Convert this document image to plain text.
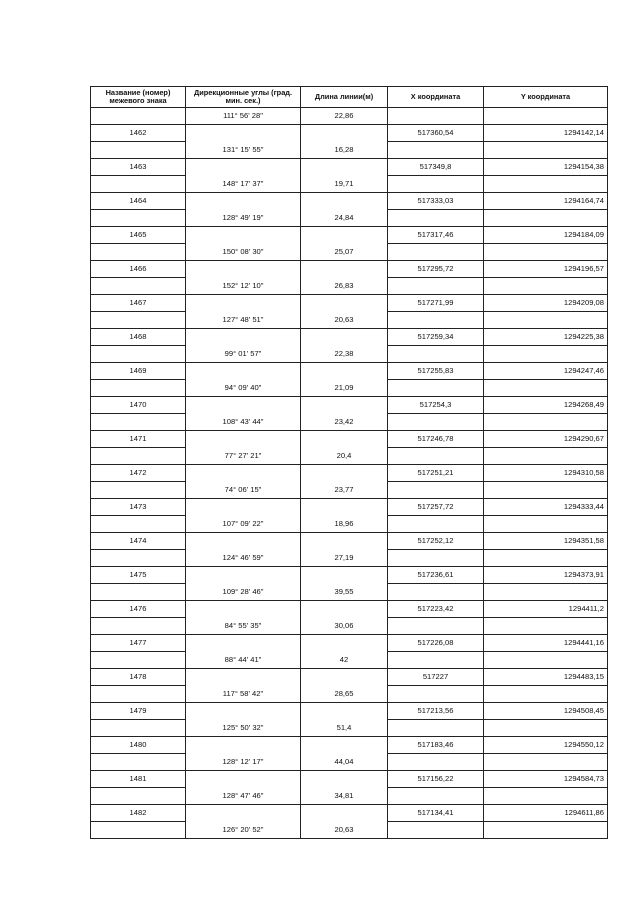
Название (номер) межевого знака	Дирекционные углы (град. мин. сек.)	Длина линии(м)	Х координата	Y координата
	111° 56' 28"	22,86		
1462			517360,54	1294142,14
	131° 15' 55"	16,28		
1463			517349,8	1294154,38
	148° 17' 37"	19,71		
1464			517333,03	1294164,74
	128° 49' 19"	24,84		
1465			517317,46	1294184,09
	150° 08' 30"	25,07		
1466			517295,72	1294196,57
	152° 12' 10"	26,83		
1467			517271,99	1294209,08
	127° 48' 51"	20,63		
1468			517259,34	1294225,38
	99° 01' 57"	22,38		
1469			517255,83	1294247,46
	94° 09' 40"	21,09		
1470			517254,3	1294268,49
	108° 43' 44"	23,42		
1471			517246,78	1294290,67
	77° 27' 21"	20,4		
1472			517251,21	1294310,58
	74° 06' 15"	23,77		
1473			517257,72	1294333,44
	107° 09' 22"	18,96		
1474			517252,12	1294351,58
	124° 46' 59"	27,19		
1475			517236,61	1294373,91
	109° 28' 46"	39,55		
1476			517223,42	1294411,2
	84° 55' 35"	30,06		
1477			517226,08	1294441,16
	88° 44' 41"	42		
1478			517227	1294483,15
	117° 58' 42"	28,65		
1479			517213,56	1294508,45
	125° 50' 32"	51,4		
1480			517183,46	1294550,12
	128° 12' 17"	44,04		
1481			517156,22	1294584,73
	128° 47' 46"	34,81		
1482			517134,41	1294611,86
	126° 20' 52"	20,63		
